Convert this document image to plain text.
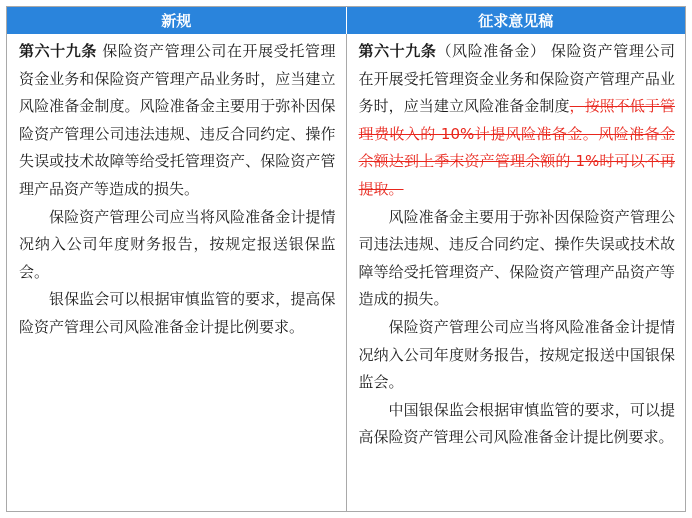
新规	征求意见稿

第六十九条 保险资产管理公司在开展受托管理资金业务和保险资产管理产品业务时，应当建立风险准备金制度。风险准备金主要用于弥补因保险资产管理公司违法违规、违反合同约定、操作失误或技术故障等给受托管理资产、保险资产管理产品资产等造成的损失。

保险资产管理公司应当将风险准备金计提情况纳入公司年度财务报告，按规定报送银保监会。

银保监会可以根据审慎监管的要求，提高保险资产管理公司风险准备金计提比例要求。

第六十九条（风险准备金） 保险资产管理公司在开展受托管理资金业务和保险资产管理产品业务时，应当建立风险准备金制度，按照不低于管理费收入的 10%计提风险准备金。风险准备金余额达到上季末资产管理余额的 1%时可以不再提取。

风险准备金主要用于弥补因保险资产管理公司违法违规、违反合同约定、操作失误或技术故障等给受托管理资产、保险资产管理产品资产等造成的损失。

保险资产管理公司应当将风险准备金计提情况纳入公司年度财务报告，按规定报送中国银保监会。

中国银保监会根据审慎监管的要求，可以提高保险资产管理公司风险准备金计提比例要求。
